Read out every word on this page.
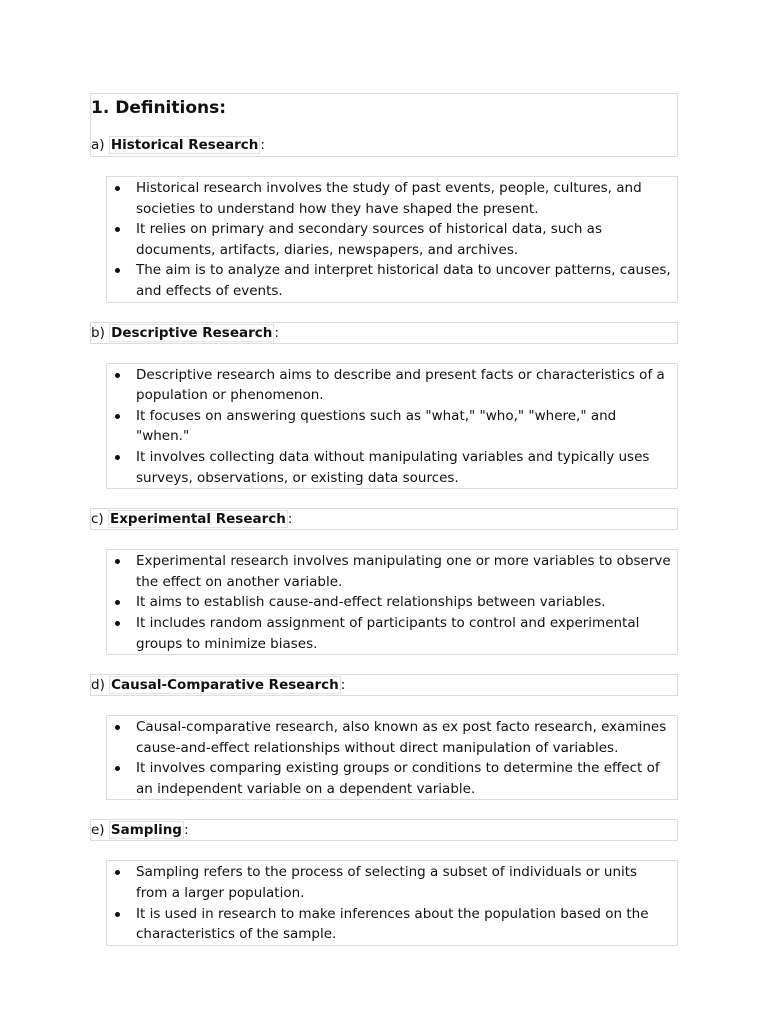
1. Definitions:
a) Historical Research :
Historical research involves the study of past events, people, cultures, and societies to understand how they have shaped the present.
It relies on primary and secondary sources of historical data, such as documents, artifacts, diaries, newspapers, and archives.
The aim is to analyze and interpret historical data to uncover patterns, causes, and effects of events.
b) Descriptive Research :
Descriptive research aims to describe and present facts or characteristics of a population or phenomenon.
It focuses on answering questions such as "what," "who," "where," and "when."
It involves collecting data without manipulating variables and typically uses surveys, observations, or existing data sources.
c) Experimental Research :
Experimental research involves manipulating one or more variables to observe the effect on another variable.
It aims to establish cause-and-effect relationships between variables.
It includes random assignment of participants to control and experimental groups to minimize biases.
d) Causal-Comparative Research :
Causal-comparative research, also known as ex post facto research, examines cause-and-effect relationships without direct manipulation of variables.
It involves comparing existing groups or conditions to determine the effect of an independent variable on a dependent variable.
e) Sampling :
Sampling refers to the process of selecting a subset of individuals or units from a larger population.
It is used in research to make inferences about the population based on the characteristics of the sample.
